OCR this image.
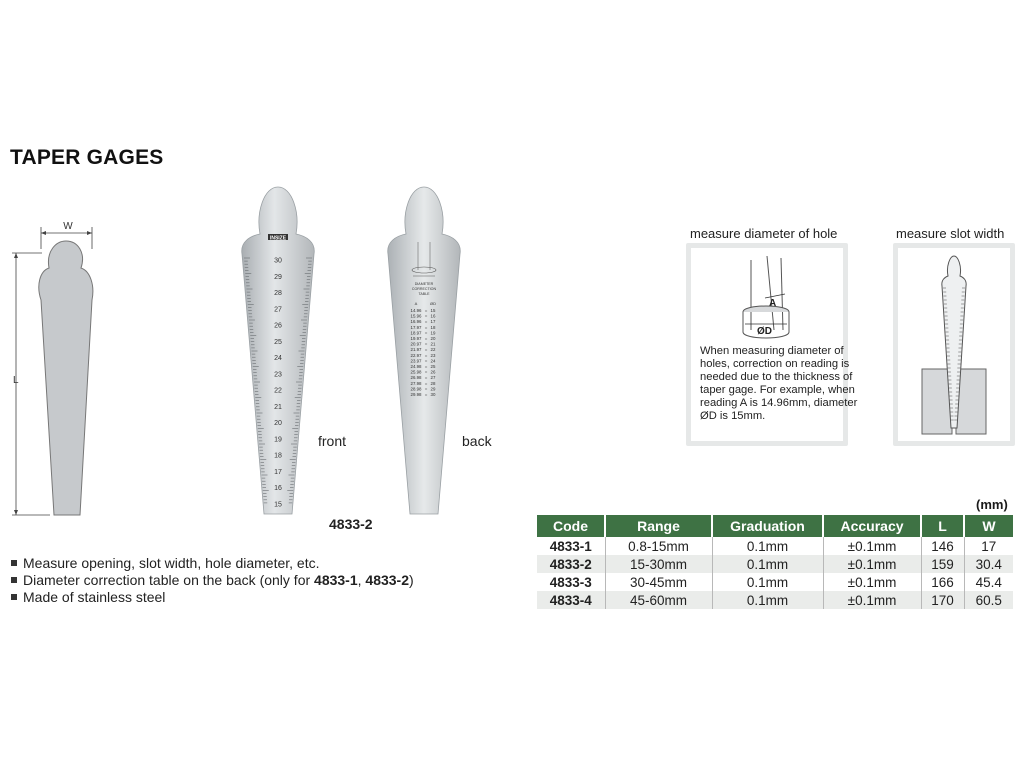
TAPER GAGES
W
L
INSIZE
30
29
28
27
26
25
24
23
22
21
20
19
18
17
16
15
DIAMETER
CORRECTION
TABLE
A	ØD
14.96 = 15
15.96 = 16
16.96 = 17
17.97 = 18
18.97 = 19
19.97 = 20
20.97 = 21
21.97 = 22
22.97 = 23
23.97 = 24
24.98 = 25
25.98 = 26
26.98 = 27
27.98 = 28
28.98 = 29
29.98 = 30
front	back
4833-2
Measure opening, slot width, hole diameter, etc.
Diameter correction table on the back (only for 4833-1, 4833-2)
Made of stainless steel
measure diameter of hole
A
ØD
When measuring diameter of holes, correction on reading is needed due to the thickness of taper gage. For example, when reading A is 14.96mm, diameter ØD is 15mm.
measure slot width
(mm)
Code	Range	Graduation	Accuracy	L	W
4833-1	0.8-15mm	0.1mm	±0.1mm	146	17
4833-2	15-30mm	0.1mm	±0.1mm	159	30.4
4833-3	30-45mm	0.1mm	±0.1mm	166	45.4
4833-4	45-60mm	0.1mm	±0.1mm	170	60.5
